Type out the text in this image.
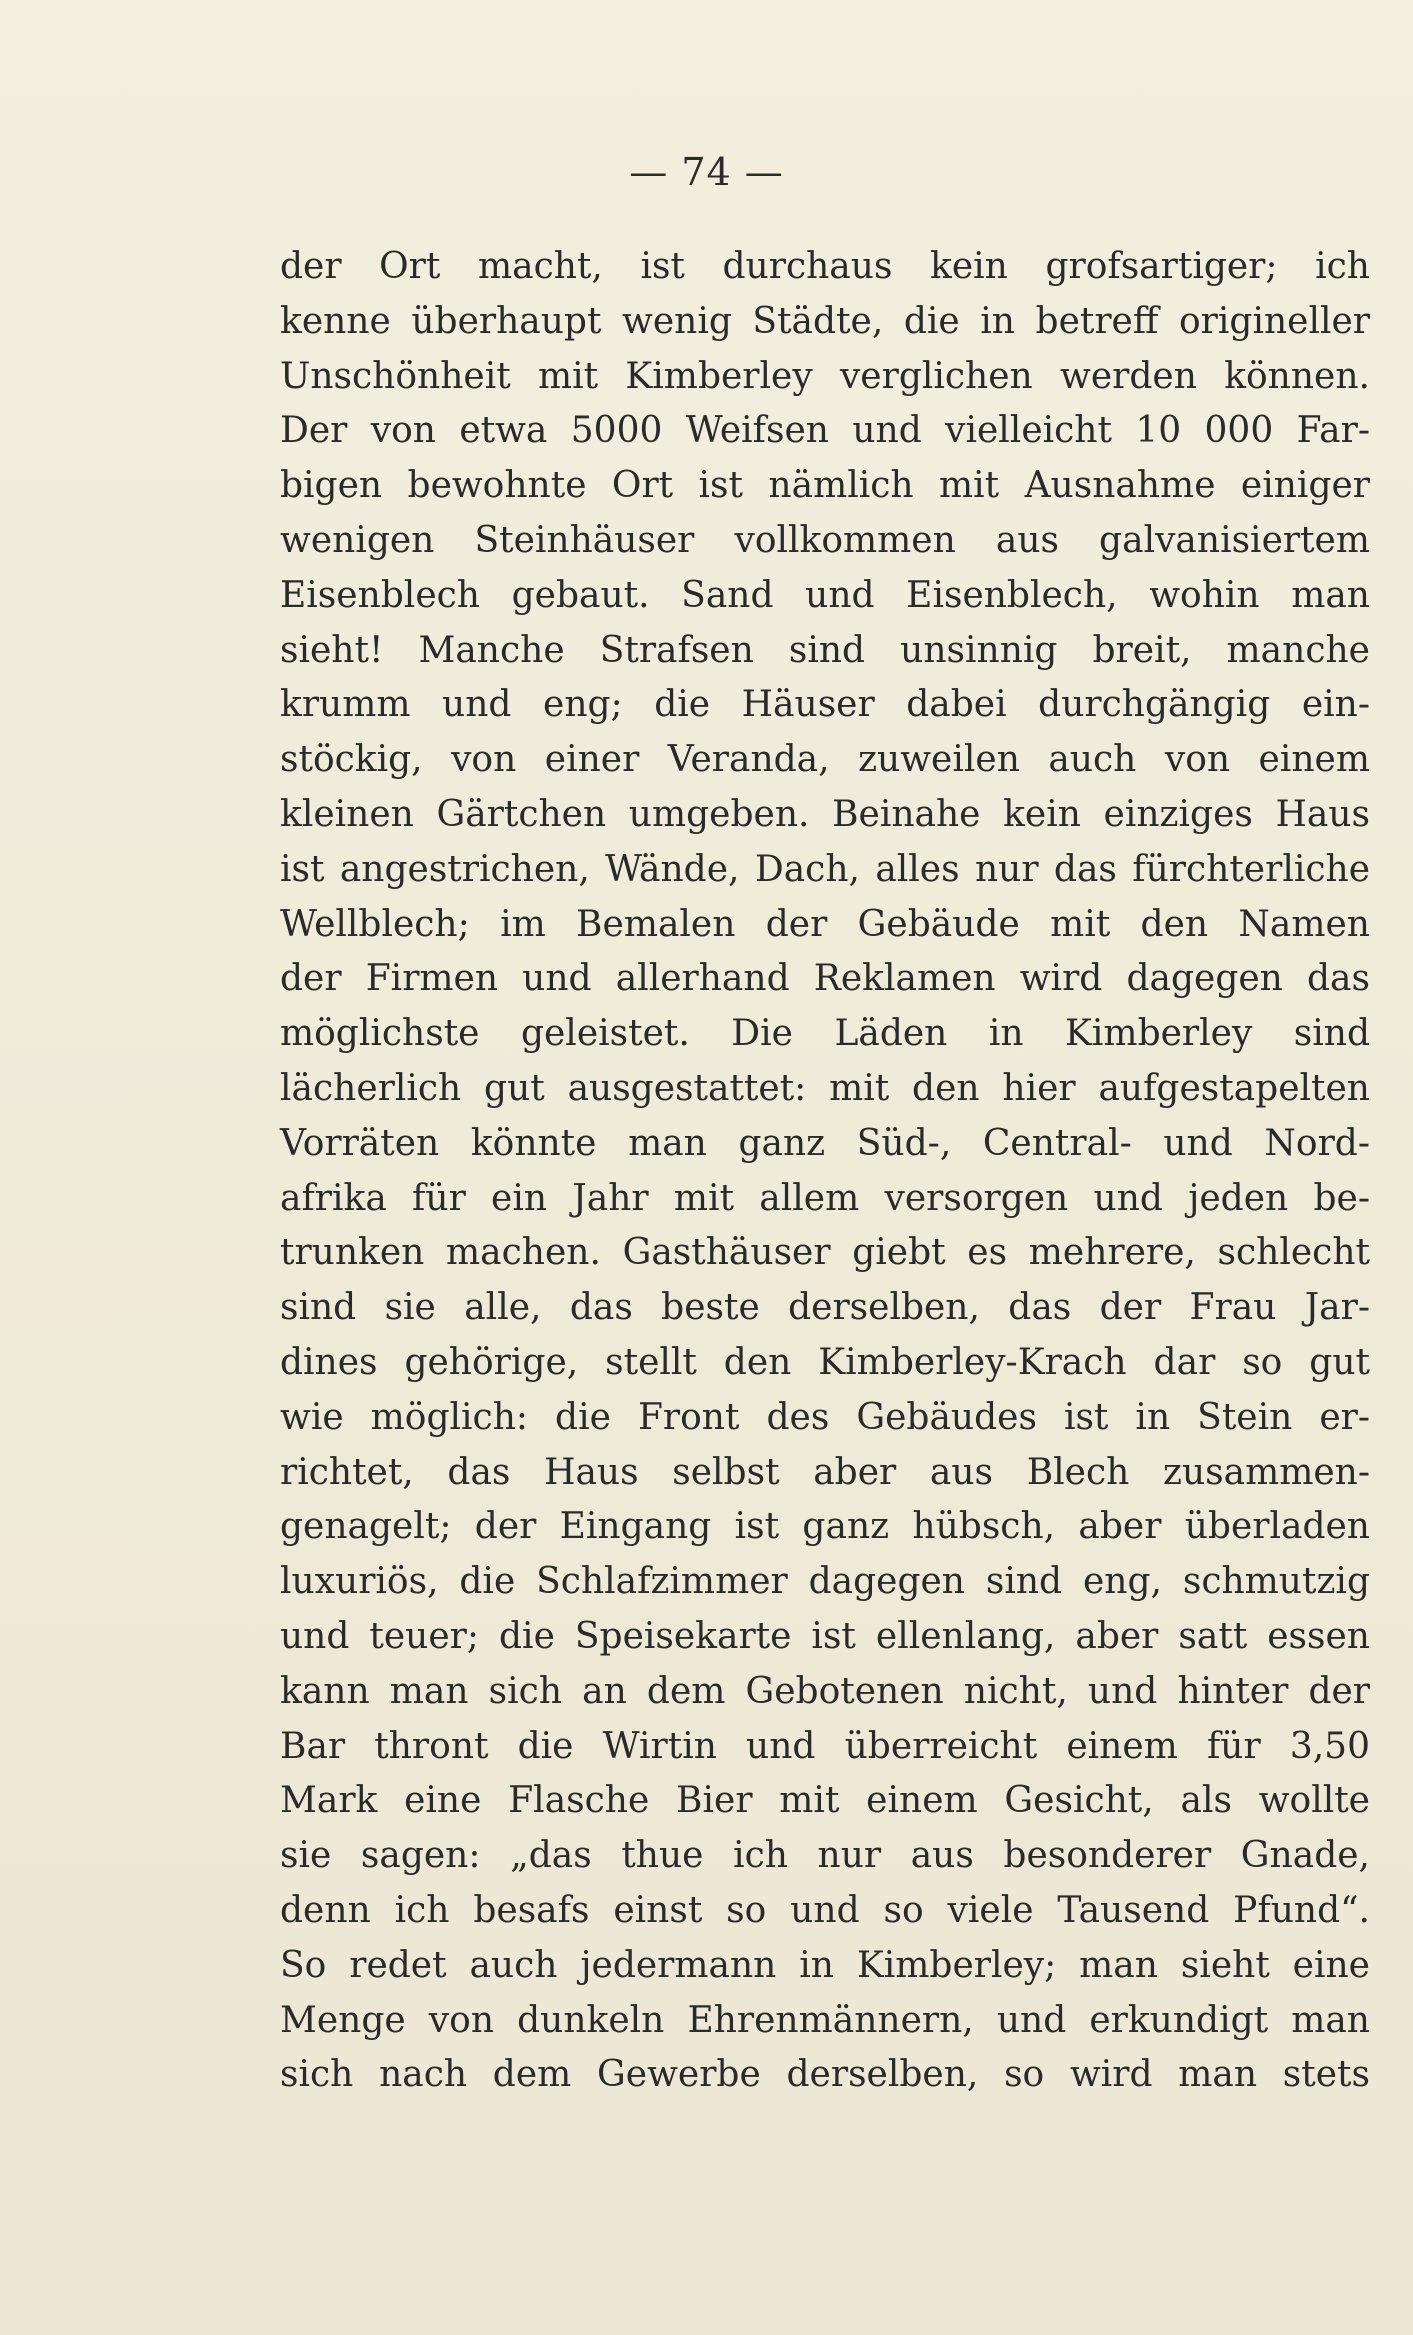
— 74 —
der Ort macht, ist durchaus kein grofsartiger; ich
kenne überhaupt wenig Städte, die in betreff origineller
Unschönheit mit Kimberley verglichen werden können.
Der von etwa 5000 Weifsen und vielleicht 10 000 Far-
bigen bewohnte Ort ist nämlich mit Ausnahme einiger
wenigen Steinhäuser vollkommen aus galvanisiertem
Eisenblech gebaut. Sand und Eisenblech, wohin man
sieht! Manche Strafsen sind unsinnig breit, manche
krumm und eng; die Häuser dabei durchgängig ein-
stöckig, von einer Veranda, zuweilen auch von einem
kleinen Gärtchen umgeben. Beinahe kein einziges Haus
ist angestrichen, Wände, Dach, alles nur das fürchterliche
Wellblech; im Bemalen der Gebäude mit den Namen
der Firmen und allerhand Reklamen wird dagegen das
möglichste geleistet. Die Läden in Kimberley sind
lächerlich gut ausgestattet: mit den hier aufgestapelten
Vorräten könnte man ganz Süd-, Central- und Nord-
afrika für ein Jahr mit allem versorgen und jeden be-
trunken machen. Gasthäuser giebt es mehrere, schlecht
sind sie alle, das beste derselben, das der Frau Jar-
dines gehörige, stellt den Kimberley-Krach dar so gut
wie möglich: die Front des Gebäudes ist in Stein er-
richtet, das Haus selbst aber aus Blech zusammen-
genagelt; der Eingang ist ganz hübsch, aber überladen
luxuriös, die Schlafzimmer dagegen sind eng, schmutzig
und teuer; die Speisekarte ist ellenlang, aber satt essen
kann man sich an dem Gebotenen nicht, und hinter der
Bar thront die Wirtin und überreicht einem für 3,50
Mark eine Flasche Bier mit einem Gesicht, als wollte
sie sagen: „das thue ich nur aus besonderer Gnade,
denn ich besafs einst so und so viele Tausend Pfund“.
So redet auch jedermann in Kimberley; man sieht eine
Menge von dunkeln Ehrenmännern, und erkundigt man
sich nach dem Gewerbe derselben, so wird man stets
